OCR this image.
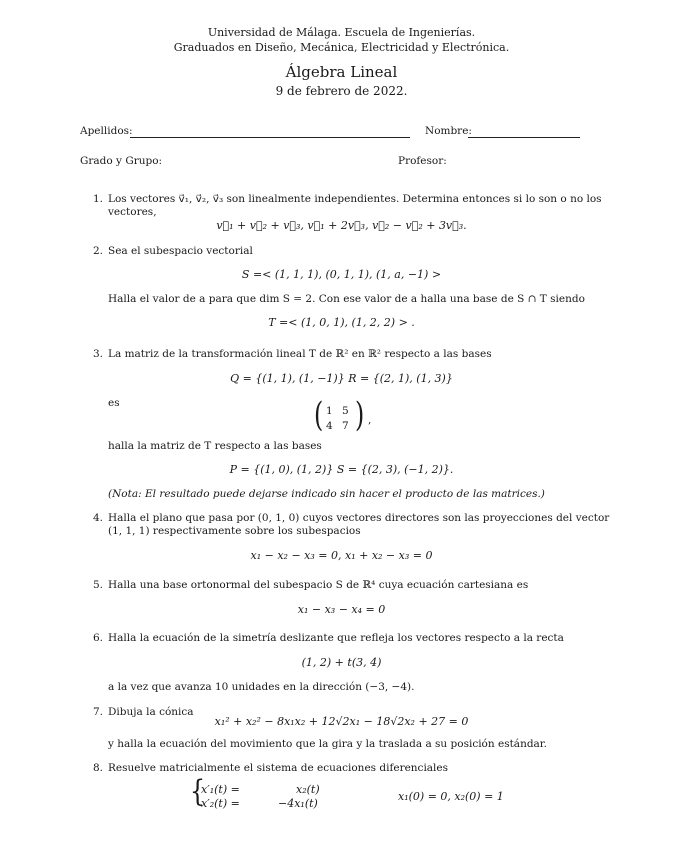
Universidad de Málaga. Escuela de Ingenierías.
Graduados en Diseño, Mecánica, Electricidad y Electrónica.
Álgebra Lineal
9 de febrero de 2022.
Apellidos:	Nombre:
Grado y Grupo:	Profesor:
1. Los vectores v⃗₁, v⃗₂, v⃗₃ son linealmente independientes. Determina entonces si lo son o no los
vectores,
v⃗₁ + v⃗₂ + v⃗₃, v⃗₁ + 2v⃗₃, v⃗₂ − v⃗₂ + 3v⃗₃.
2. Sea el subespacio vectorial
S =< (1, 1, 1), (0, 1, 1), (1, a, −1) >
Halla el valor de a para que dim S = 2. Con ese valor de a halla una base de S ∩ T siendo
T =< (1, 0, 1), (1, 2, 2) > .
3. La matriz de la transformación lineal T de ℝ² en ℝ² respecto a las bases
Q = {(1, 1), (1, −1)} R = {(2, 1), (1, 3)}
es	( 1 5
4 7 ) ,
halla la matriz de T respecto a las bases
P = {(1, 0), (1, 2)} S = {(2, 3), (−1, 2)}.
(Nota: El resultado puede dejarse indicado sin hacer el producto de las matrices.)
4. Halla el plano que pasa por (0, 1, 0) cuyos vectores directores son las proyecciones del vector
(1, 1, 1) respectivamente sobre los subespacios
x₁ − x₂ − x₃ = 0, x₁ + x₂ − x₃ = 0
5. Halla una base ortonormal del subespacio S de ℝ⁴ cuya ecuación cartesiana es
x₁ − x₃ − x₄ = 0
6. Halla la ecuación de la simetría deslizante que refleja los vectores respecto a la recta
(1, 2) + t(3, 4)
a la vez que avanza 10 unidades en la dirección (−3, −4).
7. Dibuja la cónica
x₁² + x₂² − 8x₁x₂ + 12√2x₁ − 18√2x₂ + 27 = 0
y halla la ecuación del movimiento que la gira y la traslada a su posición estándar.
8. Resuelve matricialmente el sistema de ecuaciones diferenciales
{
x′₁(t) =	x₂(t)
x′₂(t) =	−4x₁(t)
x₁(0) = 0, x₂(0) = 1
